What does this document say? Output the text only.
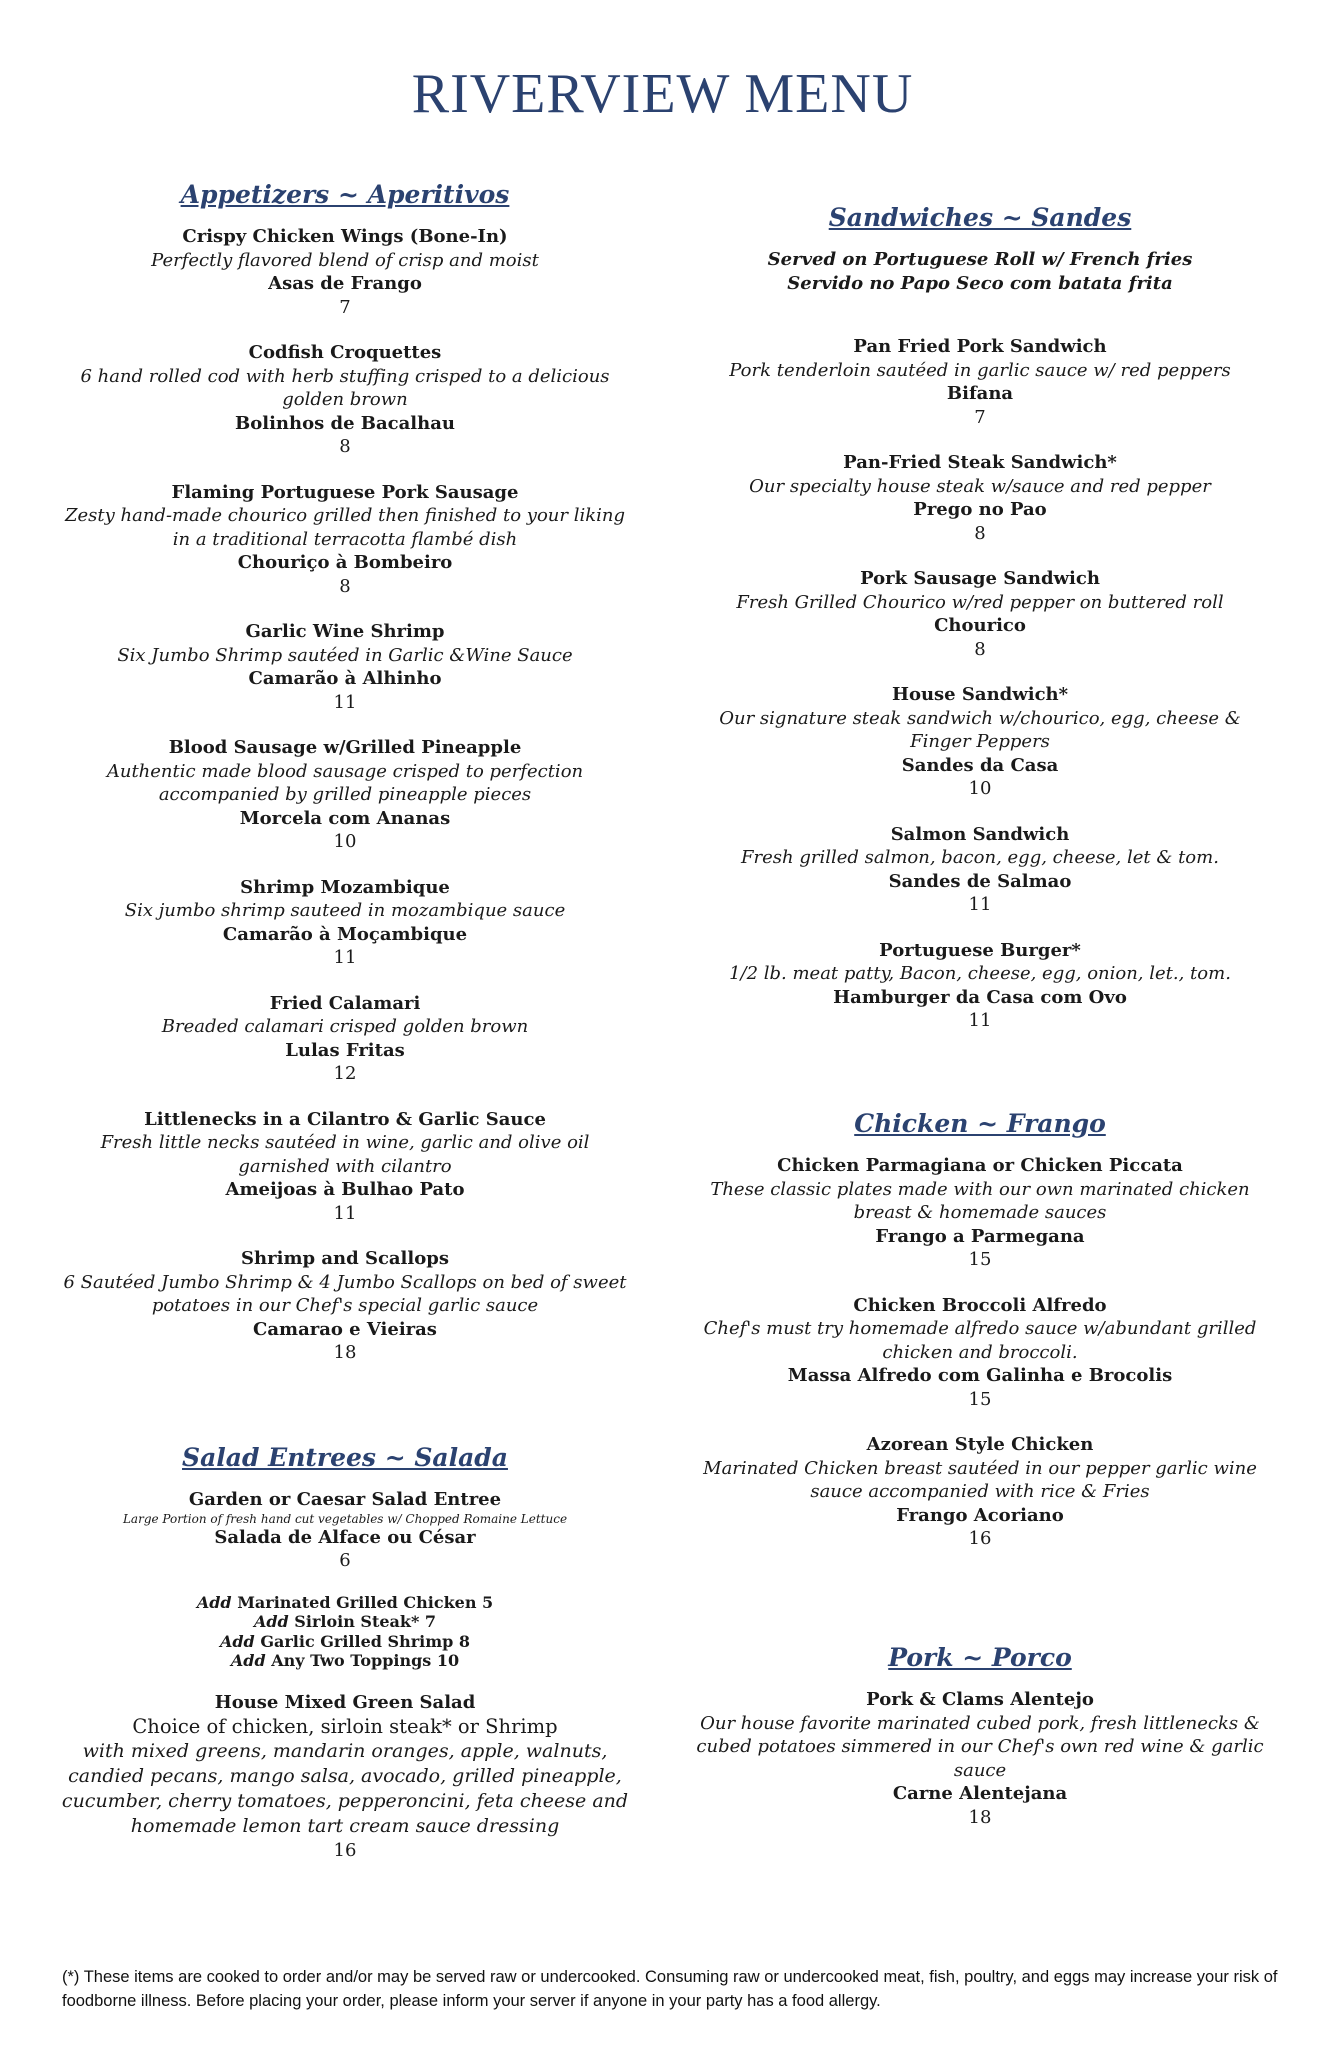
RIVERVIEW MENU
Appetizers ~ Aperitivos
Crispy Chicken Wings (Bone-In)
Perfectly flavored blend of crisp and moist
Asas de Frango
7
Codfish Croquettes
6 hand rolled cod with herb stuffing crisped to a delicious golden brown
Bolinhos de Bacalhau
8
Flaming Portuguese Pork Sausage
Zesty hand-made chourico grilled then finished to your liking in a traditional terracotta flambé dish
Chouriço à Bombeiro
8
Garlic Wine Shrimp
Six Jumbo Shrimp sautéed in Garlic &Wine Sauce
Camarão à Alhinho
11
Blood Sausage w/Grilled Pineapple
Authentic made blood sausage crisped to perfection accompanied by grilled pineapple pieces
Morcela com Ananas
10
Shrimp Mozambique
Six jumbo shrimp sauteed in mozambique sauce
Camarão à Moçambique
11
Fried Calamari
Breaded calamari crisped golden brown
Lulas Fritas
12
Littlenecks in a Cilantro & Garlic Sauce
Fresh little necks sautéed in wine, garlic and olive oil garnished with cilantro
Ameijoas à Bulhao Pato
11
Shrimp and Scallops
6 Sautéed Jumbo Shrimp & 4 Jumbo Scallops on bed of sweet potatoes in our Chef's special garlic sauce
Camarao e Vieiras
18
Salad Entrees ~ Salada
Garden or Caesar Salad Entree
Large Portion of fresh hand cut vegetables w/ Chopped Romaine Lettuce
Salada de Alface ou César
6
Add Marinated Grilled Chicken 5
Add Sirloin Steak* 7
Add Garlic Grilled Shrimp 8
Add Any Two Toppings 10
House Mixed Green Salad
Choice of chicken, sirloin steak* or Shrimp
with mixed greens, mandarin oranges, apple, walnuts, candied pecans, mango salsa, avocado, grilled pineapple, cucumber, cherry tomatoes, pepperoncini, feta cheese and homemade lemon tart cream sauce dressing
16
Sandwiches ~ Sandes
Served on Portuguese Roll w/ French fries
Servido no Papo Seco com batata frita
Pan Fried Pork Sandwich
Pork tenderloin sautéed in garlic sauce w/ red peppers
Bifana
7
Pan-Fried Steak Sandwich*
Our specialty house steak w/sauce and red pepper
Prego no Pao
8
Pork Sausage Sandwich
Fresh Grilled Chourico w/red pepper on buttered roll
Chourico
8
House Sandwich*
Our signature steak sandwich w/chourico, egg, cheese & Finger Peppers
Sandes da Casa
10
Salmon Sandwich
Fresh grilled salmon, bacon, egg, cheese, let & tom.
Sandes de Salmao
11
Portuguese Burger*
1/2 lb. meat patty, Bacon, cheese, egg, onion, let., tom.
Hamburger da Casa com Ovo
11
Chicken ~ Frango
Chicken Parmagiana or Chicken Piccata
These classic plates made with our own marinated chicken breast & homemade sauces
Frango a Parmegana
15
Chicken Broccoli Alfredo
Chef's must try homemade alfredo sauce w/abundant grilled chicken and broccoli.
Massa Alfredo com Galinha e Brocolis
15
Azorean Style Chicken
Marinated Chicken breast sautéed in our pepper garlic wine sauce accompanied with rice & Fries
Frango Acoriano
16
Pork ~ Porco
Pork & Clams Alentejo
Our house favorite marinated cubed pork, fresh littlenecks & cubed potatoes simmered in our Chef's own red wine & garlic sauce
Carne Alentejana
18
(*) These items are cooked to order and/or may be served raw or undercooked. Consuming raw or undercooked meat, fish, poultry, and eggs may increase your risk of foodborne illness. Before placing your order, please inform your server if anyone in your party has a food allergy.
